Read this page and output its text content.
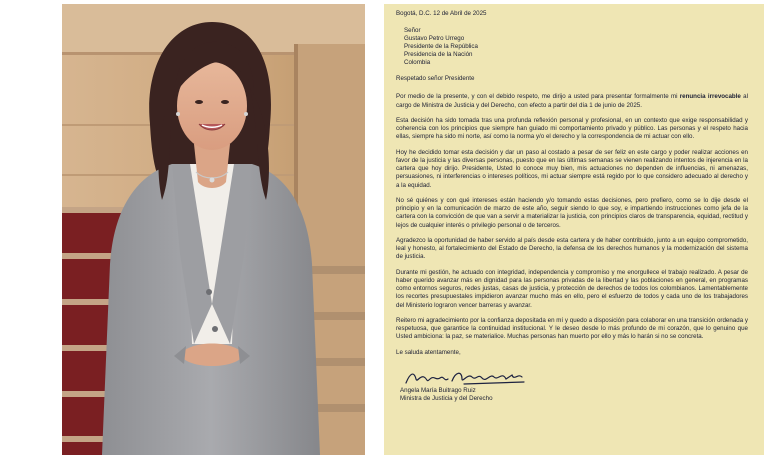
Bogotá, D.C. 12 de Abril de 2025
Señor
Gustavo Petro Urrego
Presidente de la República
Presidencia de la Nación
Colombia
Respetado señor Presidente

Por medio de la presente, y con el debido respeto, me dirijo a usted para presentar formalmente mi renuncia irrevocable al cargo de Ministra de Justicia y del Derecho, con efecto a partir del día 1 de junio de 2025.

Esta decisión ha sido tomada tras una profunda reflexión personal y profesional, en un contexto que exige responsabilidad y coherencia con los principios que siempre han guiado mi comportamiento privado y público. Las personas y el respeto hacia ellas, siempre ha sido mi norte, así como la norma y/o el derecho y la correspondencia de mi actuar con ello.

Hoy he decidido tomar esta decisión y dar un paso al costado a pesar de ser feliz en este cargo y poder realizar acciones en favor de la justicia y las diversas personas, puesto que en las últimas semanas se vienen realizando intentos de injerencia en la cartera que hoy dirijo. Presidente, Usted lo conoce muy bien, mis actuaciones no dependen de influencias, ni amenazas, persuasiones, ni interferencias o intereses políticos, mi actuar siempre está regido por lo que considero adecuado al derecho y a la equidad.

No sé quiénes y con qué intereses están haciendo y/o tomando estas decisiones, pero prefiero, como se lo dije desde el principio y en la comunicación de marzo de este año, seguir siendo lo que soy, e impartiendo instrucciones como jefa de la cartera con la convicción de que van a servir a materializar la justicia, con principios claros de transparencia, equidad, rectitud y lejos de cualquier interés o privilegio personal o de terceros.

Agradezco la oportunidad de haber servido al país desde esta cartera y de haber contribuido, junto a un equipo comprometido, leal y honesto, al fortalecimiento del Estado de Derecho, la defensa de los derechos humanos y la modernización del sistema de justicia.

Durante mi gestión, he actuado con integridad, independencia y compromiso y me enorgullece el trabajo realizado. A pesar de haber querido avanzar más en dignidad para las personas privadas de la libertad y las poblaciones en general, en programas como entornos seguros, redes justas, casas de justicia, y protección de derechos de todos los colombianos. Lamentablemente los recortes presupuestales impidieron avanzar mucho más en ello, pero el esfuerzo de todos y cada uno de los trabajadores del Ministerio lograron vencer barreras y avanzar.

Reitero mi agradecimiento por la confianza depositada en mí y quedo a disposición para colaborar en una transición ordenada y respetuosa, que garantice la continuidad institucional. Y le deseo desde lo más profundo de mi corazón, que lo genuino que Usted ambiciona: la paz, se materialice. Muchas personas han muerto por ello y más lo harán si no se concreta.

Le saluda atentamente,
Angela María Buitrago Ruiz
Ministra de Justicia y del Derecho
